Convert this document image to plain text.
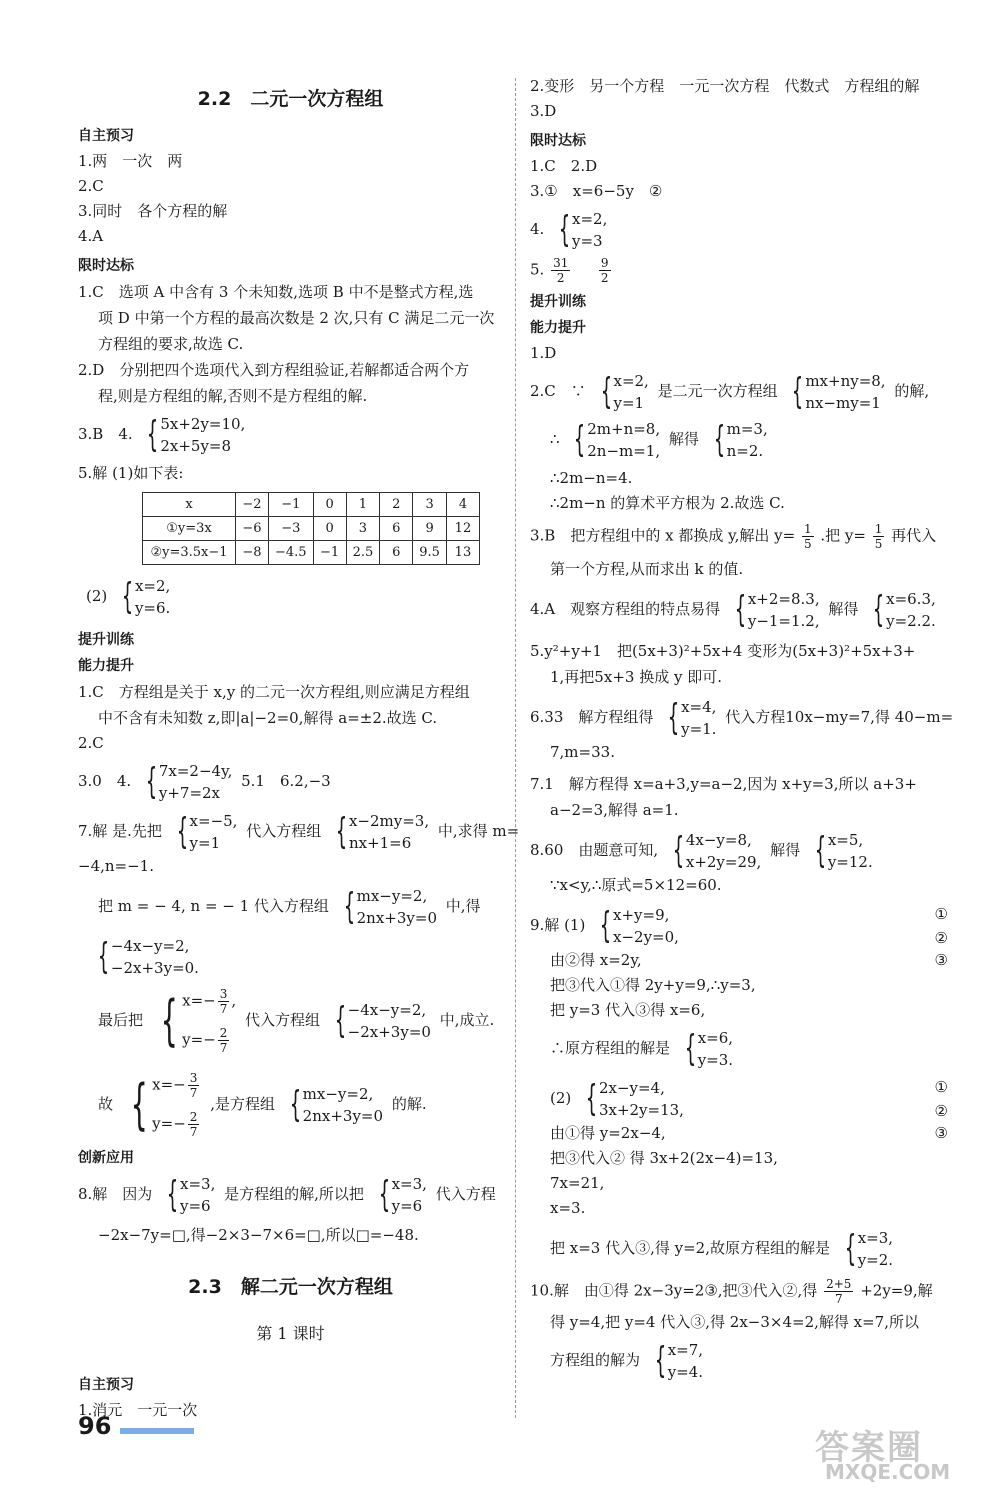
2.2　二元一次方程组
自主预习
1.两　一次　两
2.C
3.同时　各个方程的解
4.A
限时达标
1.C　选项 A 中含有 3 个未知数,选项 B 中不是整式方程,选
项 D 中第一个方程的最高次数是 2 次,只有 C 满足二元一次
方程组的要求,故选 C.
2.D　分别把四个选项代入到方程组验证,若解都适合两个方
程,则是方程组的解,否则不是方程组的解.
3.B　4. { 5x+2y=10,
2x+5y=8
5.解 (1)如下表:
x	−2	−1	0	1	2	3	4
①y=3x	−6	−3	0	3	6	9	12
②y=3.5x−1	−8	−4.5	−1	2.5	6	9.5	13
(2) { x=2,
y=6.
提升训练
能力提升
1.C　方程组是关于 x,y 的二元一次方程组,则应满足方程组
中不含有未知数 z,即|a|−2=0,解得 a=±2.故选 C.
2.C
3.0　4. { 7x=2−4y,
y+7=2x
5.1　6.2,−3
7.解 是.先把 { x=−5,
y=1
代入方程组 { x−2my=3,
nx+1=6
中,求得 m=
−4,n=−1.
把 m = − 4, n = − 1 代入方程组 { mx−y=2,
2nx+3y=0
中,得
{ −4x−y=2,
−2x+3y=0.
最后把 { $x=- \frac{3}{7}$ ,
$y=- \frac{2}{7}$
代入方程组 { −4x−y=2,
−2x+3y=0
中,成立.
故 { $x=- \frac{3}{7}$
$y=- \frac{2}{7}$
,是方程组 { mx−y=2,
2nx+3y=0
的解.
创新应用
8.解　因为 { x=3,
y=6
是方程组的解,所以把 { x=3,
y=6
代入方程
−2x−7y=□,得−2×3−7×6=□,所以□=−48.
2.3　解二元一次方程组
第 1 课时
自主预习
1.消元　一元一次
2.变形　另一个方程　一元一次方程　代数式　方程组的解
3.D
限时达标
1.C　2.D
3.①　x=6−5y　②
4. { x=2,
y=3
5. $\frac{31}{2}$
　 $\frac{9}{2}$
提升训练
能力提升
1.D
2.C　∵ { x=2,
y=1
是二元一次方程组 { mx+ny=8,
nx−my=1
的解,
∴ { 2m+n=8,
2n−m=1,
解得 { m=3,
n=2.
∴2m−n=4.
∴2m−n 的算术平方根为 2.故选 C.
3.B　把方程组中的 x 都换成 y,解出 $y= \frac{1}{5}$ .把 $y= \frac{1}{5}$ 再代入
第一个方程,从而求出 k 的值.
4.A　观察方程组的特点易得 { x+2=8.3,
y−1=1.2,
解得 { x=6.3,
y=2.2.
5.y²+y+1　把(5x+3)²+5x+4 变形为(5x+3)²+5x+3+
1,再把5x+3 换成 y 即可.
6.33　解方程组得 { x=4,
y=1.
代入方程10x−my=7,得 40−m=
7,m=33.
7.1　解方程得 x=a+3,y=a−2,因为 x+y=3,所以 a+3+
a−2=3,解得 a=1.
8.60　由题意可知, { 4x−y=8,
x+2y=29,
解得 { x=5,
y=12.
∵x<y,∴原式=5×12=60.
9.解 (1) { x+y=9,
x−2y=0,
①
②
由②得 x=2y,	③
把③代入①得 2y+y=9,∴y=3,
把 y=3 代入③得 x=6,
∴原方程组的解是 { x=6,
y=3.
(2) { 2x−y=4,
3x+2y=13,
①
②
由①得 y=2x−4,	③
把③代入② 得 3x+2(2x−4)=13,
7x=21,
x=3.
把 x=3 代入③,得 y=2,故原方程组的解是 { x=3,
y=2.
10.解　由①得 2x−3y=2③,把③代入②,得 $\frac{2+5}{7} +2y=9$,解
得 y=4,把 y=4 代入③,得 2x−3×4=2,解得 x=7,所以
方程组的解为 { x=7,
y=4.
96
答案圈
MXQE.COM
